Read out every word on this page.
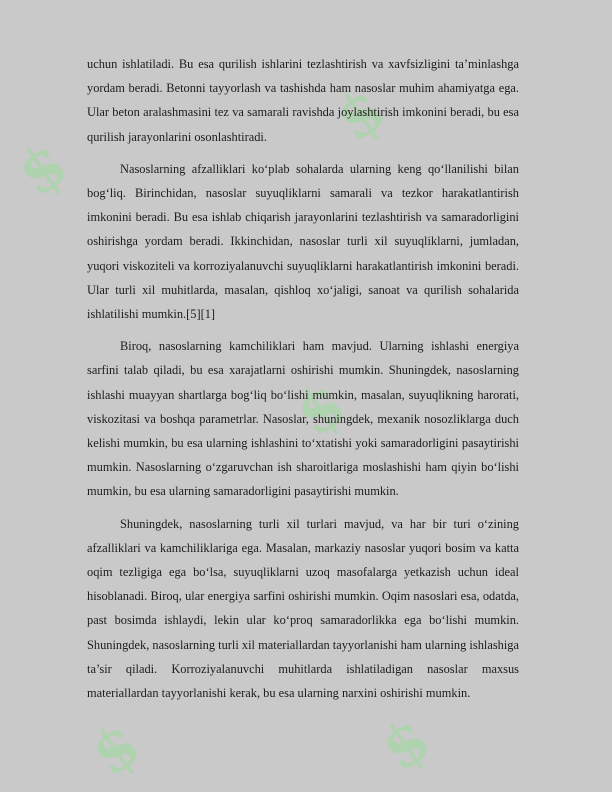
$
$
$
$	$

uchun ishlatiladi. Bu esa qurilish ishlarini tezlashtirish va xavfsizligini ta’minlashga yordam beradi. Betonni tayyorlash va tashishda ham nasoslar muhim ahamiyatga ega. Ular beton aralashmasini tez va samarali ravishda joylashtirish imkonini beradi, bu esa qurilish jarayonlarini osonlashtiradi.

Nasoslarning afzalliklari ko‘plab sohalarda ularning keng qo‘llanilishi bilan bog‘liq. Birinchidan, nasoslar suyuqliklarni samarali va tezkor harakatlantirish imkonini beradi. Bu esa ishlab chiqarish jarayonlarini tezlashtirish va samaradorligini oshirishga yordam beradi. Ikkinchidan, nasoslar turli xil suyuqliklarni, jumladan, yuqori viskoziteli va korroziyalanuvchi suyuqliklarni harakatlantirish imkonini beradi. Ular turli xil muhitlarda, masalan, qishloq xo‘jaligi, sanoat va qurilish sohalarida ishlatilishi mumkin.[5][1]

Biroq, nasoslarning kamchiliklari ham mavjud. Ularning ishlashi energiya sarfini talab qiladi, bu esa xarajatlarni oshirishi mumkin. Shuningdek, nasoslarning ishlashi muayyan shartlarga bog‘liq bo‘lishi mumkin, masalan, suyuqlikning harorati, viskozitasi va boshqa parametrlar. Nasoslar, shuningdek, mexanik nosozliklarga duch kelishi mumkin, bu esa ularning ishlashini to‘xtatishi yoki samaradorligini pasaytirishi mumkin. Nasoslarning o‘zgaruvchan ish sharoitlariga moslashishi ham qiyin bo‘lishi mumkin, bu esa ularning samaradorligini pasaytirishi mumkin.

Shuningdek, nasoslarning turli xil turlari mavjud, va har bir turi o‘zining afzalliklari va kamchiliklariga ega. Masalan, markaziy nasoslar yuqori bosim va katta oqim tezligiga ega bo‘lsa, suyuqliklarni uzoq masofalarga yetkazish uchun ideal hisoblanadi. Biroq, ular energiya sarfini oshirishi mumkin. Oqim nasoslari esa, odatda, past bosimda ishlaydi, lekin ular ko‘proq samaradorlikka ega bo‘lishi mumkin. Shuningdek, nasoslarning turli xil materiallardan tayyorlanishi ham ularning ishlashiga ta’sir qiladi. Korroziyalanuvchi muhitlarda ishlatiladigan nasoslar maxsus materiallardan tayyorlanishi kerak, bu esa ularning narxini oshirishi mumkin.
